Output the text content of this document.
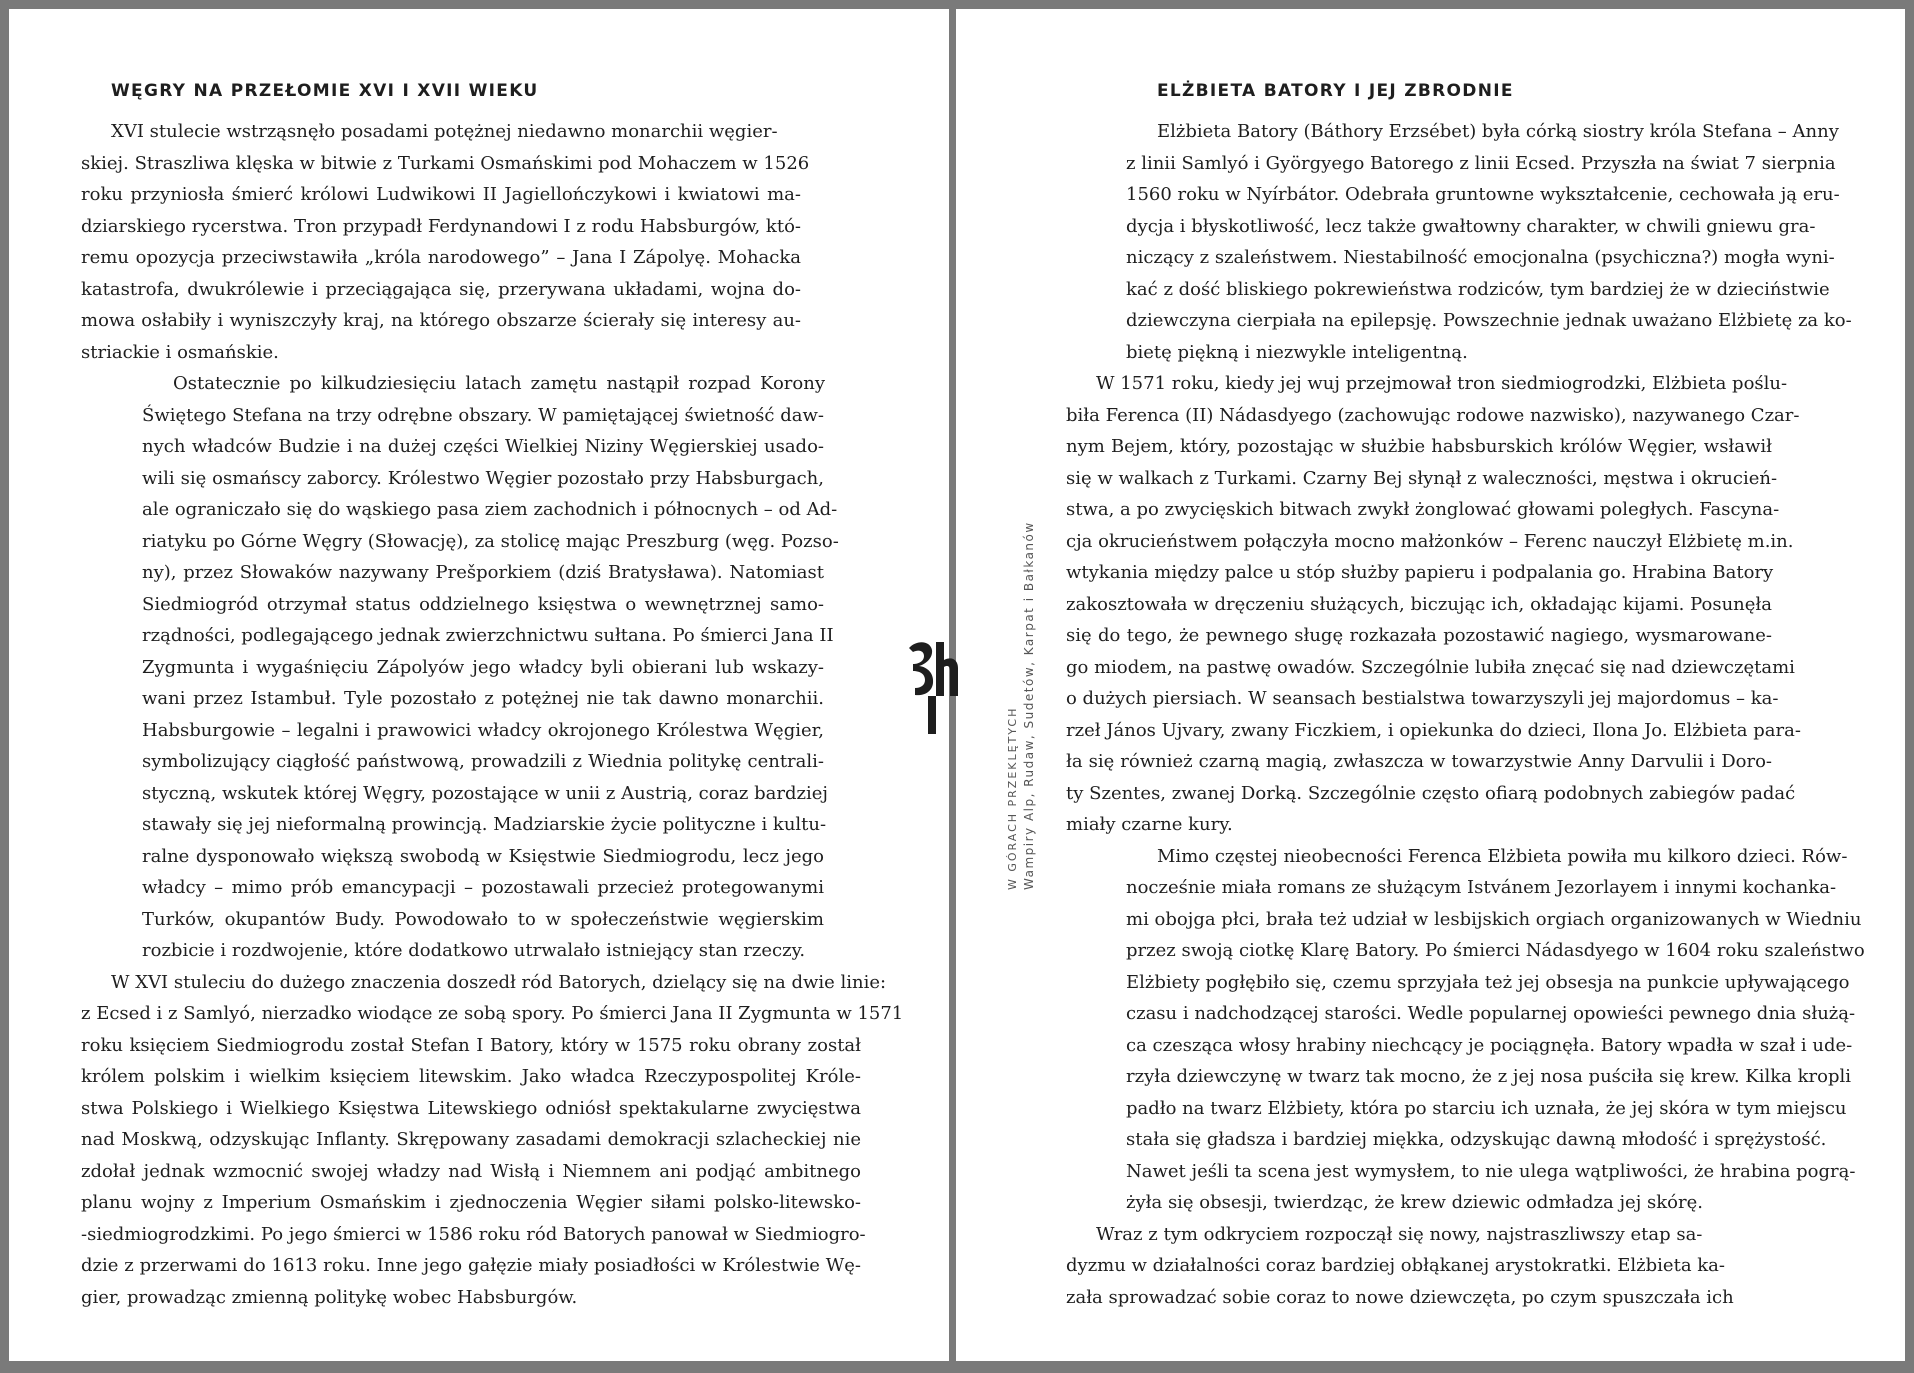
WĘGRY NA PRZEŁOMIE XVI I XVII WIEKU

XVI stulecie wstrząsnęło posadami potężnej niedawno monarchii węgier-

skiej. Straszliwa klęska w bitwie z Turkami Osmańskimi pod Mohaczem w 1526

roku przyniosła śmierć królowi Ludwikowi II Jagiellończykowi i kwiatowi ma-

dziarskiego rycerstwa. Tron przypadł Ferdynandowi I z rodu Habsburgów, któ-

remu opozycja przeciwstawiła „króla narodowego” – Jana I Zápolyę. Mohacka

katastrofa, dwukrólewie i przeciągająca się, przerywana układami, wojna do-

mowa osłabiły i wyniszczyły kraj, na którego obszarze ścierały się interesy au-

striackie i osmańskie.

Ostatecznie po kilkudziesięciu latach zamętu nastąpił rozpad Korony

Świętego Stefana na trzy odrębne obszary. W pamiętającej świetność daw-

nych władców Budzie i na dużej części Wielkiej Niziny Węgierskiej usado-

wili się osmańscy zaborcy. Królestwo Węgier pozostało przy Habsburgach,

ale ograniczało się do wąskiego pasa ziem zachodnich i północnych – od Ad-

riatyku po Górne Węgry (Słowację), za stolicę mając Preszburg (węg. Pozso-

ny), przez Słowaków nazywany Prešporkiem (dziś Bratysława). Natomiast

Siedmiogród otrzymał status oddzielnego księstwa o wewnętrznej samo-

rządności, podlegającego jednak zwierzchnictwu sułtana. Po śmierci Jana II

Zygmunta i wygaśnięciu Zápolyów jego władcy byli obierani lub wskazy-

wani przez Istambuł. Tyle pozostało z potężnej nie tak dawno monarchii.

Habsburgowie – legalni i prawowici władcy okrojonego Królestwa Węgier,

symbolizujący ciągłość państwową, prowadzili z Wiednia politykę centrali-

styczną, wskutek której Węgry, pozostające w unii z Austrią, coraz bardziej

stawały się jej nieformalną prowincją. Madziarskie życie polityczne i kultu-

ralne dysponowało większą swobodą w Księstwie Siedmiogrodu, lecz jego

władcy – mimo prób emancypacji – pozostawali przecież protegowanymi

Turków, okupantów Budy. Powodowało to w społeczeństwie węgierskim

rozbicie i rozdwojenie, które dodatkowo utrwalało istniejący stan rzeczy.

W XVI stuleciu do dużego znaczenia doszedł ród Batorych, dzielący się na dwie linie:

z Ecsed i z Samlyó, nierzadko wiodące ze sobą spory. Po śmierci Jana II Zygmunta w 1571

roku księciem Siedmiogrodu został Stefan I Batory, który w 1575 roku obrany został

królem polskim i wielkim księciem litewskim. Jako władca Rzeczypospolitej Króle-

stwa Polskiego i Wielkiego Księstwa Litewskiego odniósł spektakularne zwycięstwa

nad Moskwą, odzyskując Inflanty. Skrępowany zasadami demokracji szlacheckiej nie

zdołał jednak wzmocnić swojej władzy nad Wisłą i Niemnem ani podjąć ambitnego

planu wojny z Imperium Osmańskim i zjednoczenia Węgier siłami polsko-litewsko-

-siedmiogrodzkimi. Po jego śmierci w 1586 roku ród Batorych panował w Siedmiogro-

dzie z przerwami do 1613 roku. Inne jego gałęzie miały posiadłości w Królestwie Wę-

gier, prowadząc zmienną politykę wobec Habsburgów.

ELŻBIETA BATORY I JEJ ZBRODNIE

Elżbieta Batory (Báthory Erzsébet) była córką siostry króla Stefana – Anny

z linii Samlyó i Györgyego Batorego z linii Ecsed. Przyszła na świat 7 sierpnia

1560 roku w Nyírbátor. Odebrała gruntowne wykształcenie, cechowała ją eru-

dycja i błyskotliwość, lecz także gwałtowny charakter, w chwili gniewu gra-

niczący z szaleństwem. Niestabilność emocjonalna (psychiczna?) mogła wyni-

kać z dość bliskiego pokrewieństwa rodziców, tym bardziej że w dzieciństwie

dziewczyna cierpiała na epilepsję. Powszechnie jednak uważano Elżbietę za ko-

bietę piękną i niezwykle inteligentną.

W 1571 roku, kiedy jej wuj przejmował tron siedmiogrodzki, Elżbieta poślu-

biła Ferenca (II) Nádasdyego (zachowując rodowe nazwisko), nazywanego Czar-

nym Bejem, który, pozostając w służbie habsburskich królów Węgier, wsławił

się w walkach z Turkami. Czarny Bej słynął z waleczności, męstwa i okrucień-

stwa, a po zwycięskich bitwach zwykł żonglować głowami poległych. Fascyna-

cja okrucieństwem połączyła mocno małżonków – Ferenc nauczył Elżbietę m.in.

wtykania między palce u stóp służby papieru i podpalania go. Hrabina Batory

zakosztowała w dręczeniu służących, biczując ich, okładając kijami. Posunęła

się do tego, że pewnego sługę rozkazała pozostawić nagiego, wysmarowane-

go miodem, na pastwę owadów. Szczególnie lubiła znęcać się nad dziewczętami

o dużych piersiach. W seansach bestialstwa towarzyszyli jej majordomus – ka-

rzeł János Ujvary, zwany Ficzkiem, i opiekunka do dzieci, Ilona Jo. Elżbieta para-

ła się również czarną magią, zwłaszcza w towarzystwie Anny Darvulii i Doro-

ty Szentes, zwanej Dorką. Szczególnie często ofiarą podobnych zabiegów padać

miały czarne kury.

Mimo częstej nieobecności Ferenca Elżbieta powiła mu kilkoro dzieci. Rów-

nocześnie miała romans ze służącym Istvánem Jezorlayem i innymi kochanka-

mi obojga płci, brała też udział w lesbijskich orgiach organizowanych w Wiedniu

przez swoją ciotkę Klarę Batory. Po śmierci Nádasdyego w 1604 roku szaleństwo

Elżbiety pogłębiło się, czemu sprzyjała też jej obsesja na punkcie upływającego

czasu i nadchodzącej starości. Wedle popularnej opowieści pewnego dnia służą-

ca czesząca włosy hrabiny niechcący je pociągnęła. Batory wpadła w szał i ude-

rzyła dziewczynę w twarz tak mocno, że z jej nosa puściła się krew. Kilka kropli

padło na twarz Elżbiety, która po starciu ich uznała, że jej skóra w tym miejscu

stała się gładsza i bardziej miękka, odzyskując dawną młodość i sprężystość.

Nawet jeśli ta scena jest wymysłem, to nie ulega wątpliwości, że hrabina pogrą-

żyła się obsesji, twierdząc, że krew dziewic odmładza jej skórę.

Wraz z tym odkryciem rozpoczął się nowy, najstraszliwszy etap sa-

dyzmu w działalności coraz bardziej obłąkanej arystokratki. Elżbieta ka-

zała sprowadzać sobie coraz to nowe dziewczęta, po czym spuszczała ich

W GÓRACH PRZEKLĘTYCH Wampiry Alp, Rudaw, Sudetów, Karpat i Bałkanów
